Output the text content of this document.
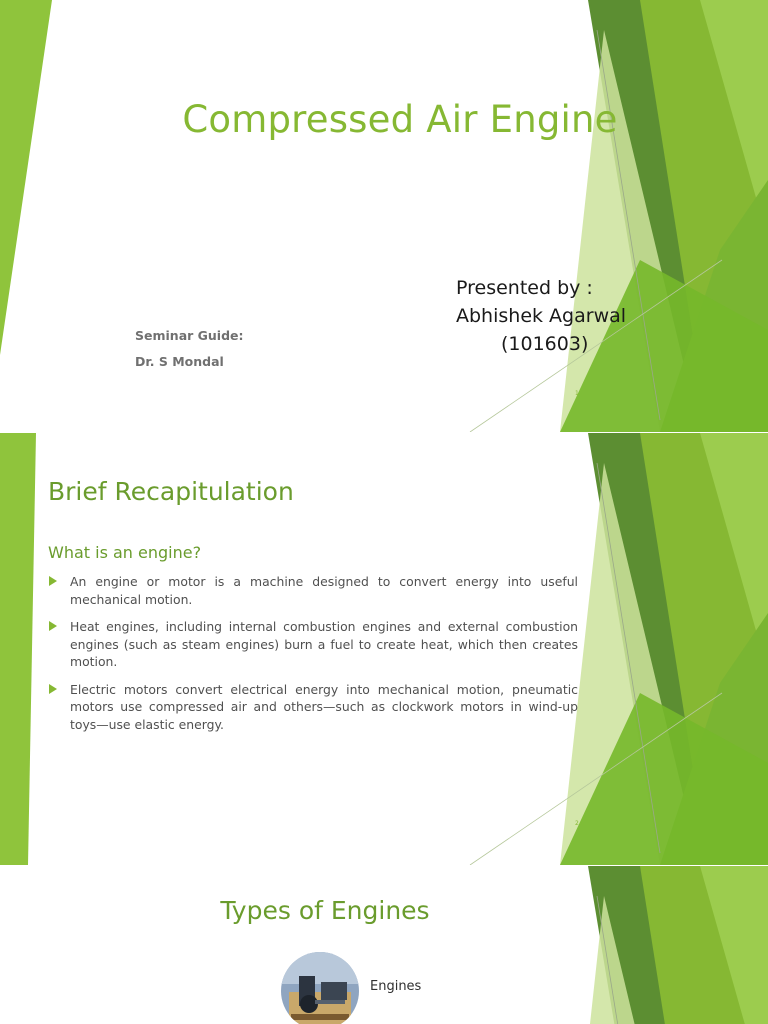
Compressed Air Engine
Seminar Guide:
Dr. S Mondal
Presented by :
Abhishek Agarwal
(101603)
1
Brief Recapitulation
What is an engine?
An engine or motor is a machine designed to convert energy into useful mechanical motion.
Heat engines, including internal combustion engines and external combustion engines (such as steam engines) burn a fuel to create heat, which then creates motion.
Electric motors convert electrical energy into mechanical motion, pneumatic motors use compressed air and others—such as clockwork motors in wind-up toys—use elastic energy.
2
Types of Engines
Engines
